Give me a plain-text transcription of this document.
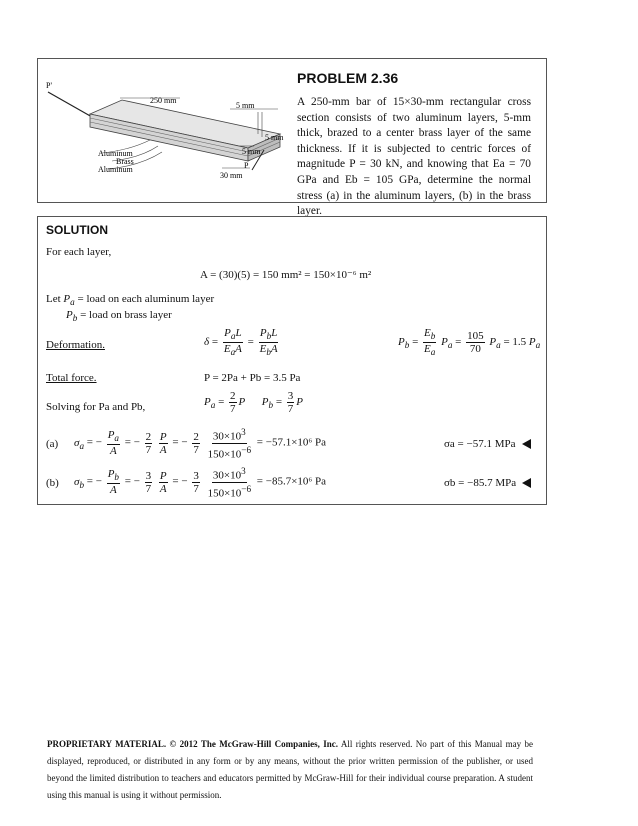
P'
250 mm
5 mm
5 mm
5 mm
P
30 mm
Aluminum
Brass
Aluminum
PROBLEM 2.36
A 250-mm bar of 15×30-mm rectangular cross section consists of two aluminum layers, 5-mm thick, brazed to a center brass layer of the same thickness. If it is subjected to centric forces of magnitude P = 30 kN, and knowing that Ea = 70 GPa and Eb = 105 GPa, determine the normal stress (a) in the aluminum layers, (b) in the brass layer.
SOLUTION
For each layer,
A = (30)(5) = 150 mm² = 150×10⁻⁶ m²
Let $P_a$ = load on each aluminum layer
$P_b$ = load on brass layer
Deformation.	$\delta = \frac{P_aL}{E_aA} = \frac{P_bL}{E_bA}$	$P_b = \frac{E_b}{E_a} P_a = \frac{105}{70} P_a = 1.5$ $P_a$
Total force.	P = 2Pa + Pb = 3.5 Pa
Solving for Pa and Pb,	$P_a = \frac{2}{7}$ P $P_b = \frac{3}{7}$ P
(a) $\sigma_a$ = − $\frac{P_a}{A}$ = − $\frac{2}{7}$
$\frac{P}{A}$ = − $\frac{2}{7}$
$\frac{30\times 10^3}{150\times 10^{-6}} = -57.1\times 10^6$ Pa	σa = −57.1 MPa
(b) $\sigma_b$ = − $\frac{P_b}{A}$ = − $\frac{3}{7}$
$\frac{P}{A}$ = − $\frac{3}{7}$
$\frac{30\times 10^3}{150\times 10^{-6}} = -85.7\times 10^6$ Pa	σb = −85.7 MPa
PROPRIETARY MATERIAL. © 2012 The McGraw-Hill Companies, Inc. All rights reserved. No part of this Manual may be displayed, reproduced, or distributed in any form or by any means, without the prior written permission of the publisher, or used beyond the limited distribution to teachers and educators permitted by McGraw-Hill for their individual course preparation. A student using this manual is using it without permission.
